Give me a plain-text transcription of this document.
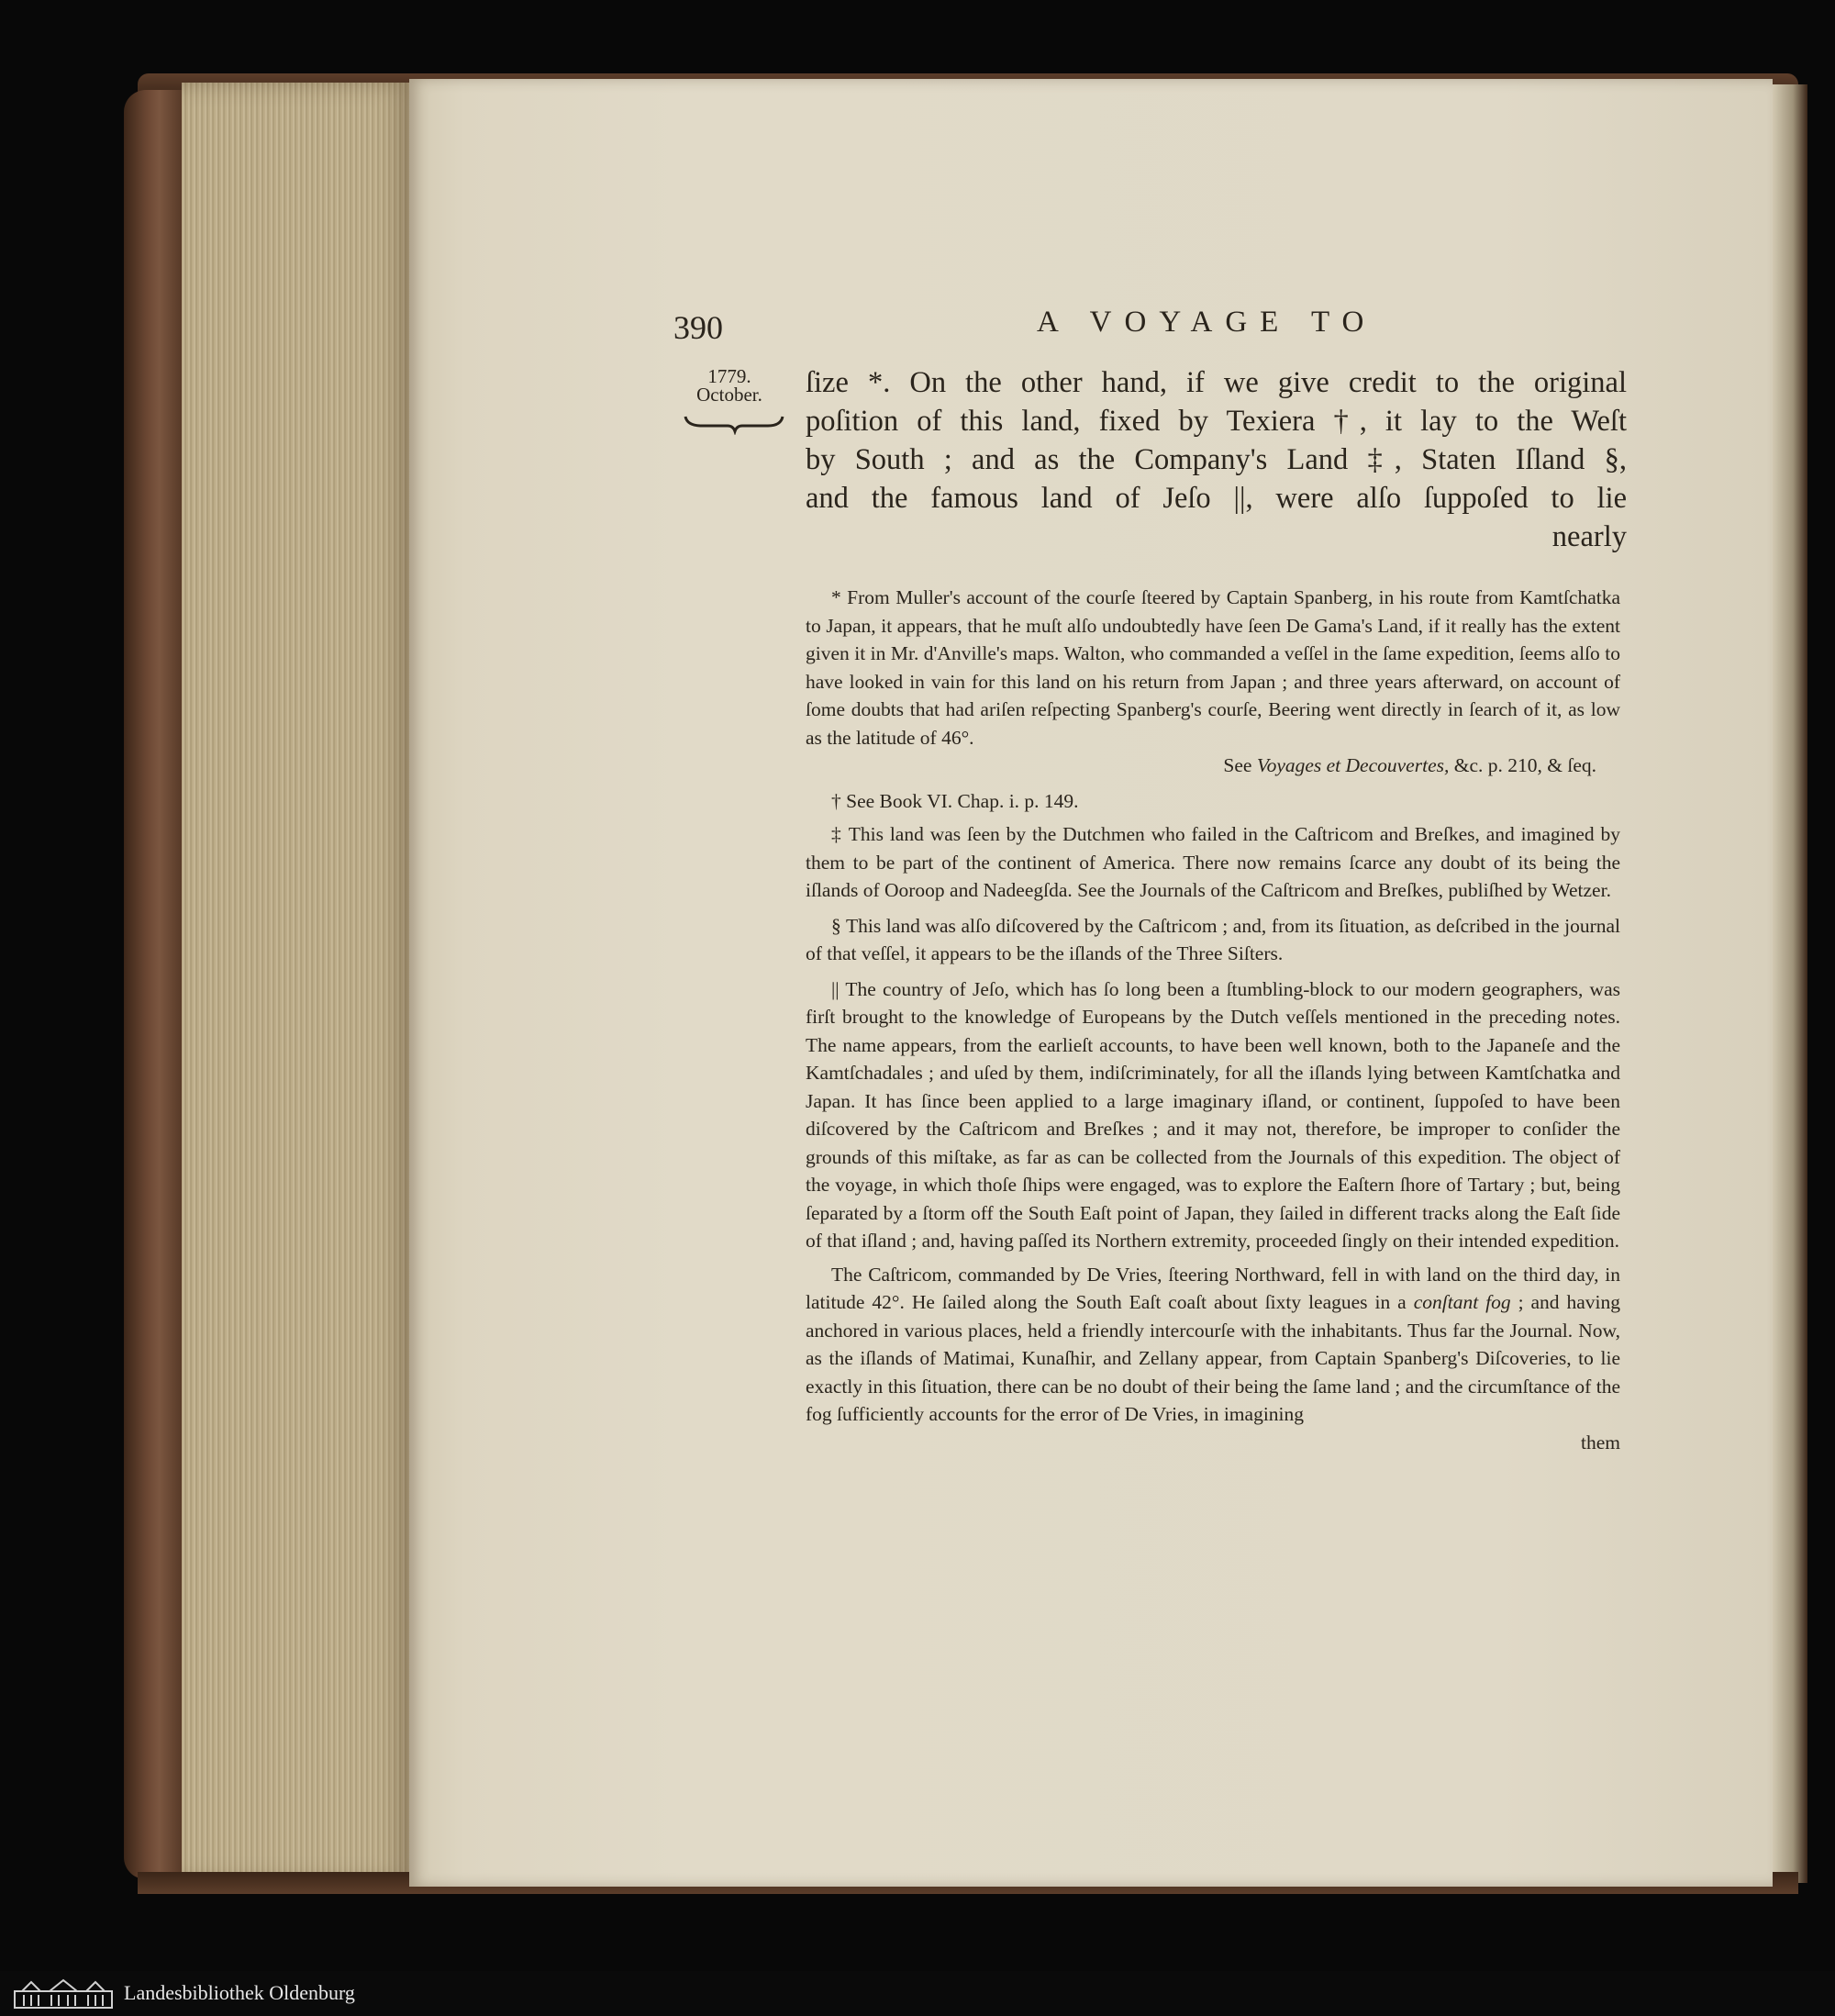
390	A VOYAGE TO
1779.
October.	ſize *. On the other hand, if we give credit to the original

poſition of this land, fixed by Texiera †, it lay to the Weſt

by South ; and as the Company's Land ‡, Staten Iſland §,

and the famous land of Jeſo ||, were alſo ſuppoſed to lie

nearly

* From Muller's account of the courſe ſteered by Captain Spanberg, in his route from Kamtſchatka to Japan, it appears, that he muſt alſo undoubtedly have ſeen De Gama's Land, if it really has the extent given it in Mr. d'Anville's maps. Walton, who commanded a veſſel in the ſame expedition, ſeems alſo to have looked in vain for this land on his return from Japan ; and three years afterward, on account of ſome doubts that had ariſen reſpecting Spanberg's courſe, Beering went directly in ſearch of it, as low as the latitude of 46°.

See Voyages et Decouvertes, &c. p. 210, & ſeq.

† See Book VI. Chap. i. p. 149.

‡ This land was ſeen by the Dutchmen who failed in the Caſtricom and Breſkes, and imagined by them to be part of the continent of America. There now remains ſcarce any doubt of its being the iſlands of Ooroop and Nadeegſda. See the Journals of the Caſtricom and Breſkes, publiſhed by Wetzer.

§ This land was alſo diſcovered by the Caſtricom ; and, from its ſituation, as deſcribed in the journal of that veſſel, it appears to be the iſlands of the Three Siſters.

|| The country of Jeſo, which has ſo long been a ſtumbling-block to our modern geographers, was firſt brought to the knowledge of Europeans by the Dutch veſſels mentioned in the preceding notes. The name appears, from the earlieſt accounts, to have been well known, both to the Japaneſe and the Kamtſchadales ; and uſed by them, indiſcriminately, for all the iſlands lying between Kamtſchatka and Japan. It has ſince been applied to a large imaginary iſland, or continent, ſuppoſed to have been diſcovered by the Caſtricom and Breſkes ; and it may not, therefore, be improper to conſider the grounds of this miſtake, as far as can be collected from the Journals of this expedition. The object of the voyage, in which thoſe ſhips were engaged, was to explore the Eaſtern ſhore of Tartary ; but, being ſeparated by a ſtorm off the South Eaſt point of Japan, they ſailed in different tracks along the Eaſt ſide of that iſland ; and, having paſſed its Northern extremity, proceeded ſingly on their intended expedition.

The Caſtricom, commanded by De Vries, ſteering Northward, fell in with land on the third day, in latitude 42°. He ſailed along the South Eaſt coaſt about ſixty leagues in a conſtant fog ; and having anchored in various places, held a friendly intercourſe with the inhabitants. Thus far the Journal. Now, as the iſlands of Matimai, Kunaſhir, and Zellany appear, from Captain Spanberg's Diſcoveries, to lie exactly in this ſituation, there can be no doubt of their being the ſame land ; and the circumſtance of the fog ſufficiently accounts for the error of De Vries, in imagining

them
Landesbibliothek Oldenburg
